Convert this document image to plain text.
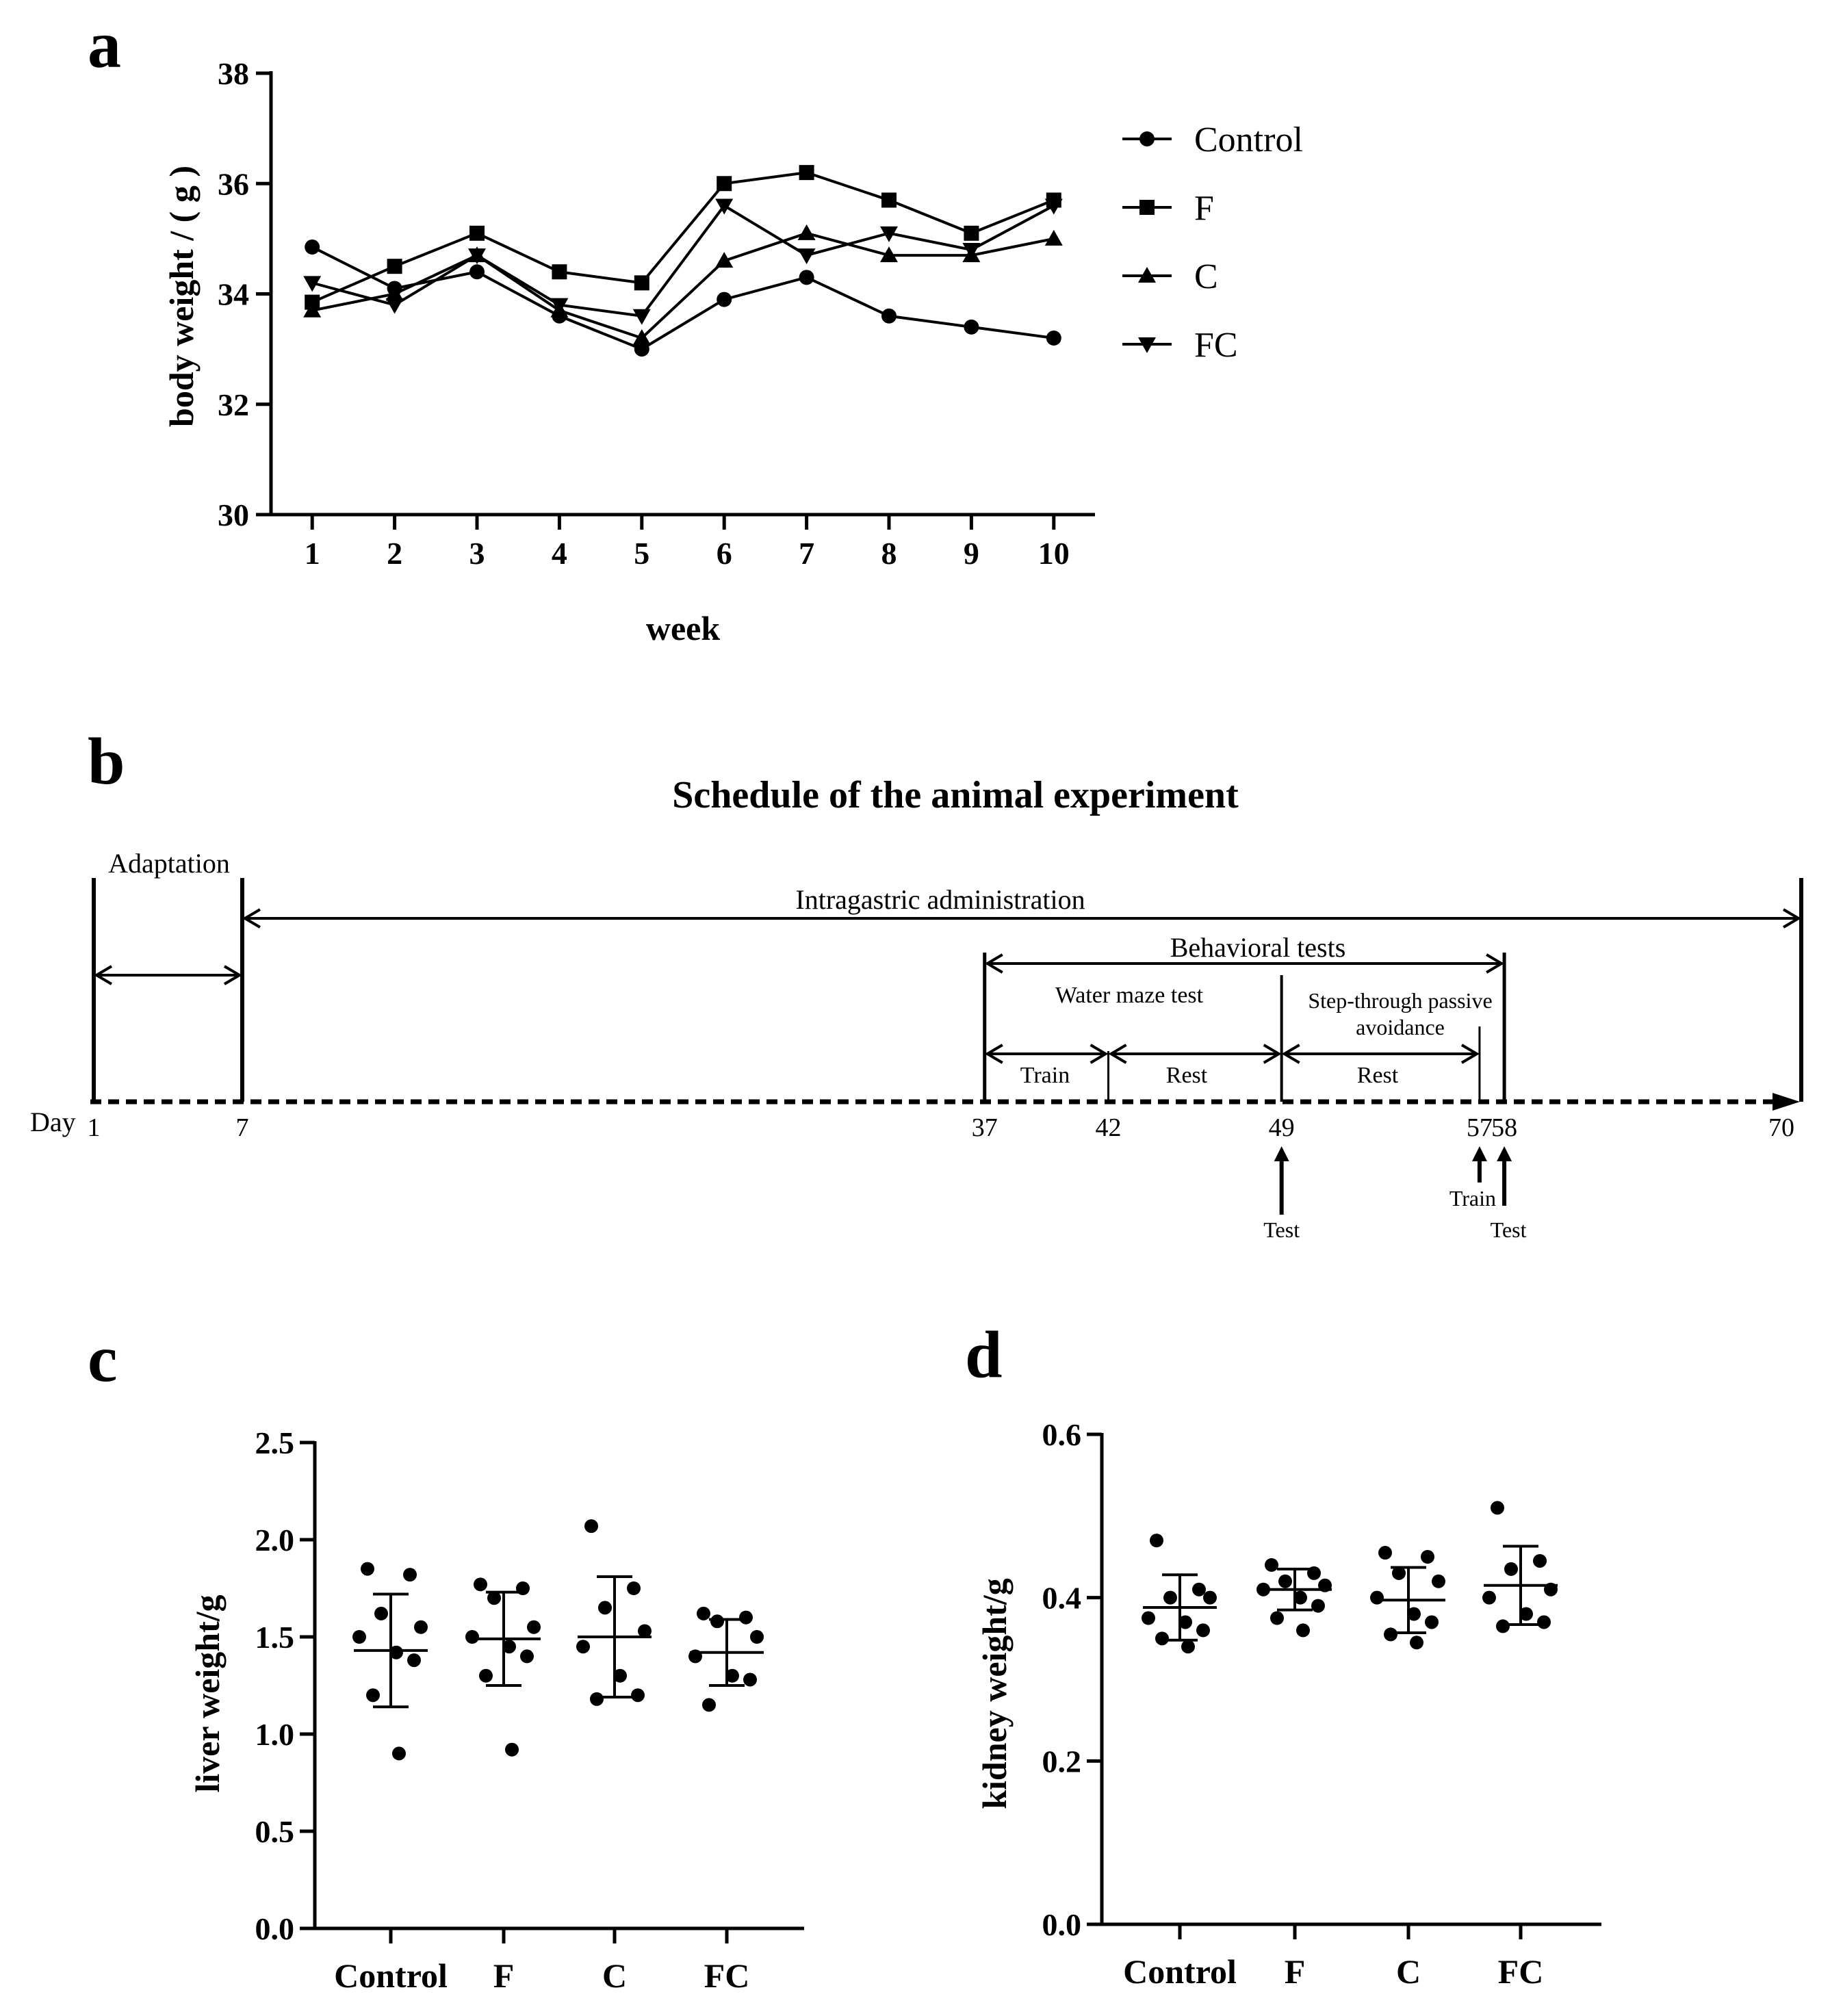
a
b
c	d
body weight / ( g )
week
30
32
34
36
38
1 2 3 4 5 6 7 8 9 10
Control
F
C
FC
Schedule of the animal experiment
Day 1	7	37	42	49	57
58	70
Adaptation
Intragastric administration
Behavioral tests
Water maze test	Step-through passive
avoidance
Train	Rest	Rest
Test
Train
Test
liver weight/g
0.0
0.5
1.0
1.5
2.0
2.5
Control F	C FC
kidney weight/g
0.0
0.2
0.4
0.6
Control F	C FC
